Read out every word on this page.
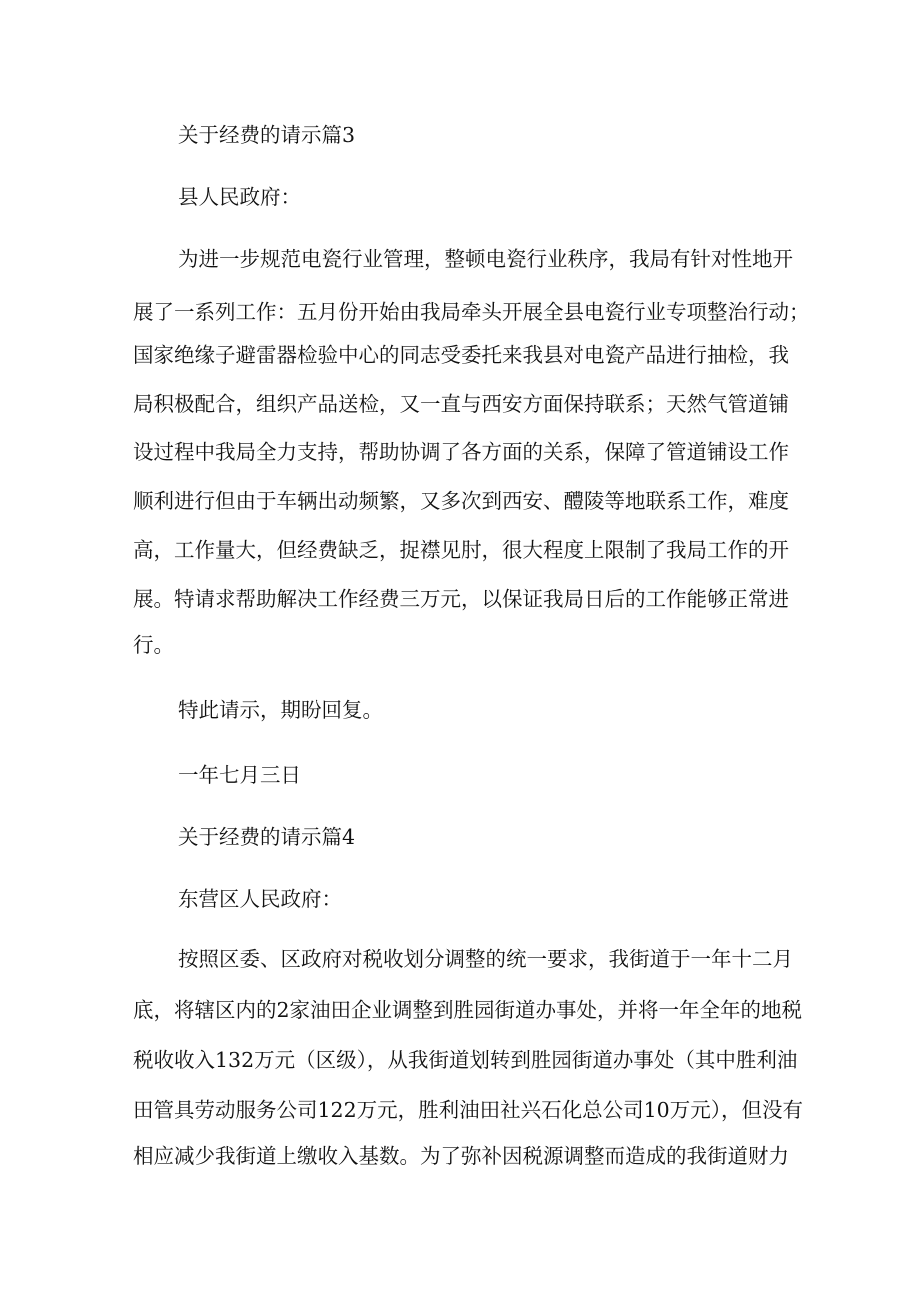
关于经费的请示篇3

县人民政府：

为进一步规范电瓷行业管理，整顿电瓷行业秩序，我局有针对性地开

展了一系列工作：五月份开始由我局牵头开展全县电瓷行业专项整治行动；

国家绝缘子避雷器检验中心的同志受委托来我县对电瓷产品进行抽检，我

局积极配合，组织产品送检，又一直与西安方面保持联系；天然气管道铺

设过程中我局全力支持，帮助协调了各方面的关系，保障了管道铺设工作

顺利进行但由于车辆出动频繁，又多次到西安、醴陵等地联系工作，难度

高，工作量大，但经费缺乏，捉襟见肘，很大程度上限制了我局工作的开

展。特请求帮助解决工作经费三万元，以保证我局日后的工作能够正常进

行。

特此请示，期盼回复。

一年七月三日

关于经费的请示篇4

东营区人民政府：

按照区委、区政府对税收划分调整的统一要求，我街道于一年十二月

底，将辖区内的2家油田企业调整到胜园街道办事处，并将一年全年的地税

税收收入132万元（区级），从我街道划转到胜园街道办事处（其中胜利油

田管具劳动服务公司122万元，胜利油田社兴石化总公司10万元），但没有

相应减少我街道上缴收入基数。为了弥补因税源调整而造成的我街道财力
